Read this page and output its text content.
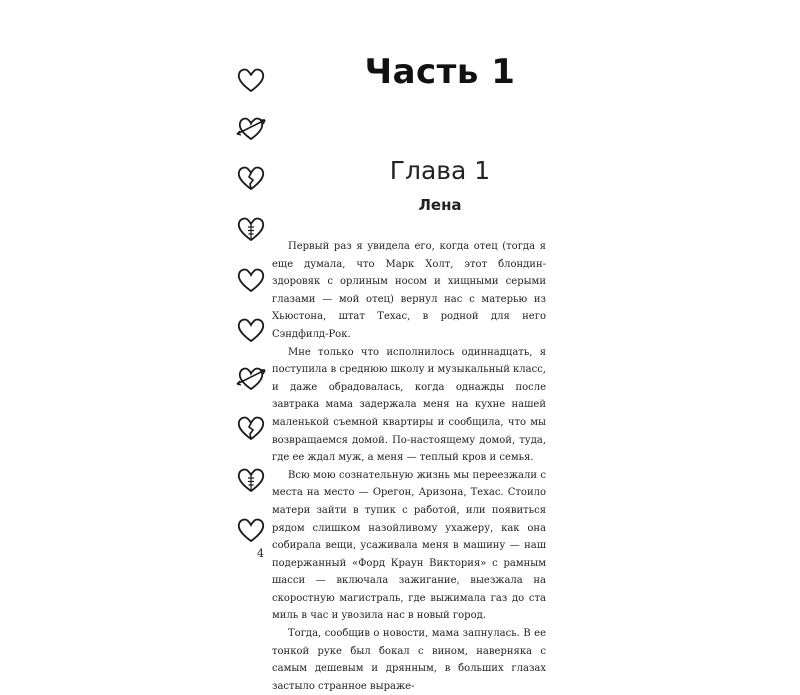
Часть 1
Глава 1
Лена

Первый раз я увидела его, когда отец (тогда я еще думала, что Марк Холт, этот блондин-здоровяк с орлиным носом и хищными серыми глазами — мой отец) вернул нас с матерью из Хьюстона, штат Техас, в родной для него Сэндфилд-Рок.

Мне только что исполнилось одиннадцать, я поступила в среднюю школу и музыкальный класс, и даже обрадовалась, когда однажды после завтрака мама задержала меня на кухне нашей маленькой съемной квартиры и сообщила, что мы возвращаемся домой. По-настоящему домой, туда, где ее ждал муж, а меня — теплый кров и семья.

Всю мою сознательную жизнь мы переезжали с места на место — Орегон, Аризона, Техас. Стоило матери зайти в тупик с работой, или появиться рядом слишком назойливому ухажеру, как она собирала вещи, усаживала меня в машину — наш подержанный «Форд Краун Виктория» с рамным шасси — включала зажигание, выезжала на скоростную магистраль, где выжимала газ до ста миль в час и увозила нас в новый город.

Тогда, сообщив о новости, мама запнулась. В ее тонкой руке был бокал с вином, наверняка с самым дешевым и дрянным, в больших глазах застыло странное выраже-

4
